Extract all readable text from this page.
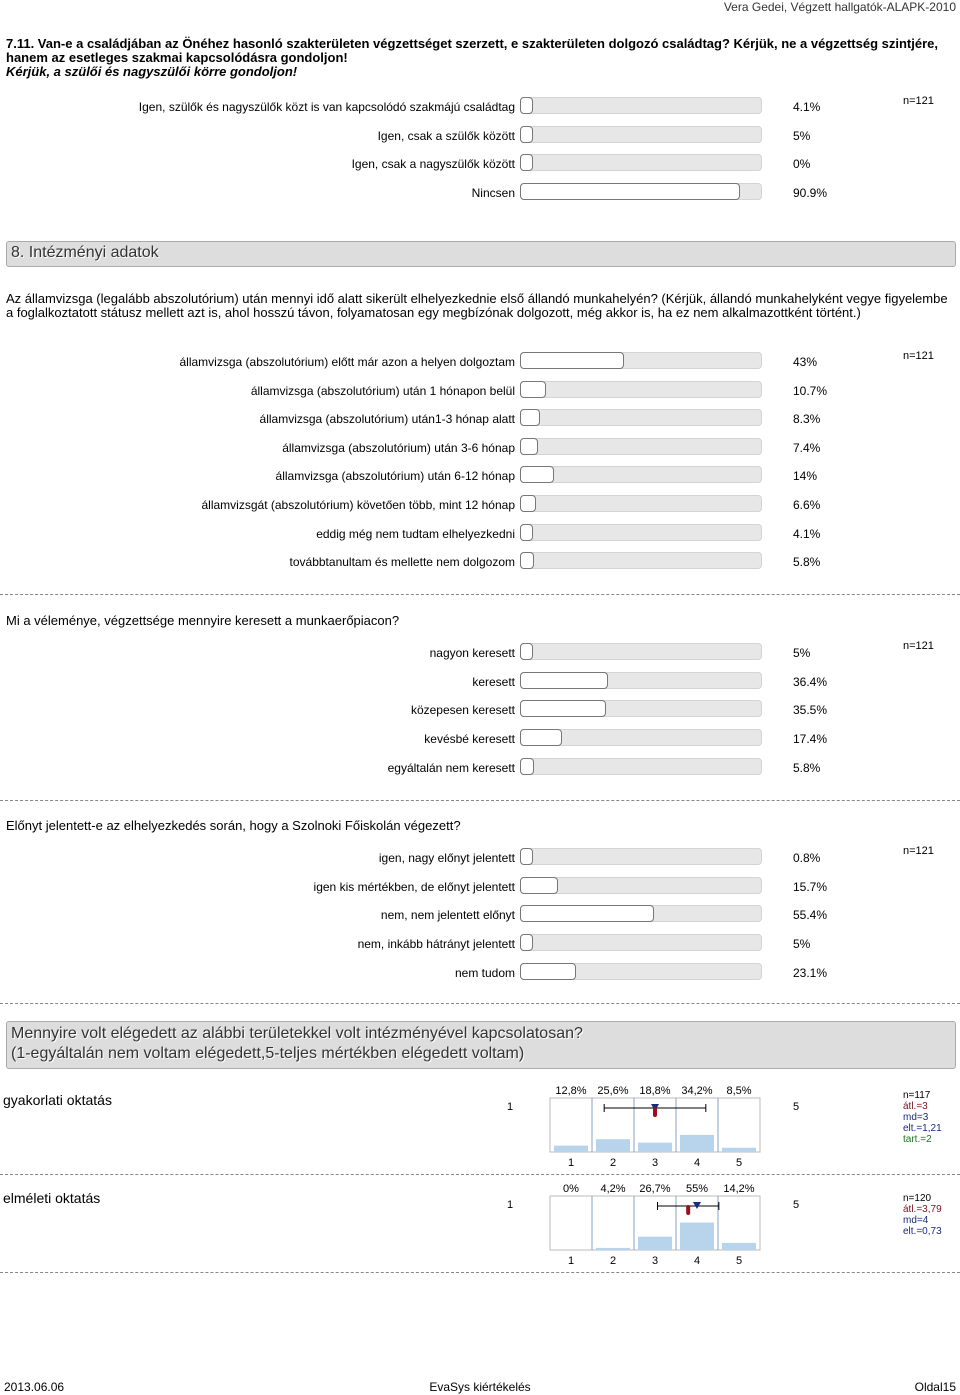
Vera Gedei, Végzett hallgatók-ALAPK-2010
7.11. Van-e a családjában az Önéhez hasonló szakterületen végzettséget szerzett, e szakterületen dolgozó családtag? Kérjük, ne a végzettség szintjére, hanem az esetleges szakmai kapcsolódásra gondoljon!
Kérjük, a szülői és nagyszülői körre gondoljon!
Igen, szülők és nagyszülők közt is van kapcsolódó szakmájú családtag	4.1%
Igen, csak a szülők között	5%
Igen, csak a nagyszülők között	0%
Nincsen	90.9%
n=121
8. Intézményi adatok
Az államvizsga (legalább abszolutórium) után mennyi idő alatt sikerült elhelyezkednie első állandó munkahelyén? (Kérjük, állandó munkahelyként vegye figyelembe a foglalkoztatott státusz mellett azt is, ahol hosszú távon, folyamatosan egy megbízónak dolgozott, még akkor is, ha ez nem alkalmazottként történt.)
államvizsga (abszolutórium) előtt már azon a helyen dolgoztam	43%
államvizsga (abszolutórium) után 1 hónapon belül	10.7%
államvizsga (abszolutórium) után1-3 hónap alatt	8.3%
államvizsga (abszolutórium) után 3-6 hónap	7.4%
államvizsga (abszolutórium) után 6-12 hónap	14%
államvizsgát (abszolutórium) követően több, mint 12 hónap	6.6%
eddig még nem tudtam elhelyezkedni	4.1%
továbbtanultam és mellette nem dolgozom	5.8%
n=121
Mi a véleménye, végzettsége mennyire keresett a munkaerőpiacon?
nagyon keresett	5%
keresett	36.4%
közepesen keresett	35.5%
kevésbé keresett	17.4%
egyáltalán nem keresett	5.8%
n=121
Előnyt jelentett-e az elhelyezkedés során, hogy a Szolnoki Főiskolán végezett?
igen, nagy előnyt jelentett	0.8%
igen kis mértékben, de előnyt jelentett	15.7%
nem, nem jelentett előnyt	55.4%
nem, inkább hátrányt jelentett	5%
nem tudom	23.1%
n=121
Mennyire volt elégedett az alábbi területekkel volt intézményével kapcsolatosan?
(1-egyáltalán nem voltam elégedett,5-teljes mértékben elégedett voltam)
gyakorlati oktatás
12,8%
1
25,6%
2
18,8%
3
34,2%
4
8,5%
5
1	5
n=117
átl.=3
md=3
elt.=1,21
tart.=2
elméleti oktatás
0%
1
4,2%
2
26,7%
3
55%
4
14,2%
5
1	5
n=120
átl.=3,79
md=4
elt.=0,73
2013.06.06	EvaSys kiértékelés	Oldal15
